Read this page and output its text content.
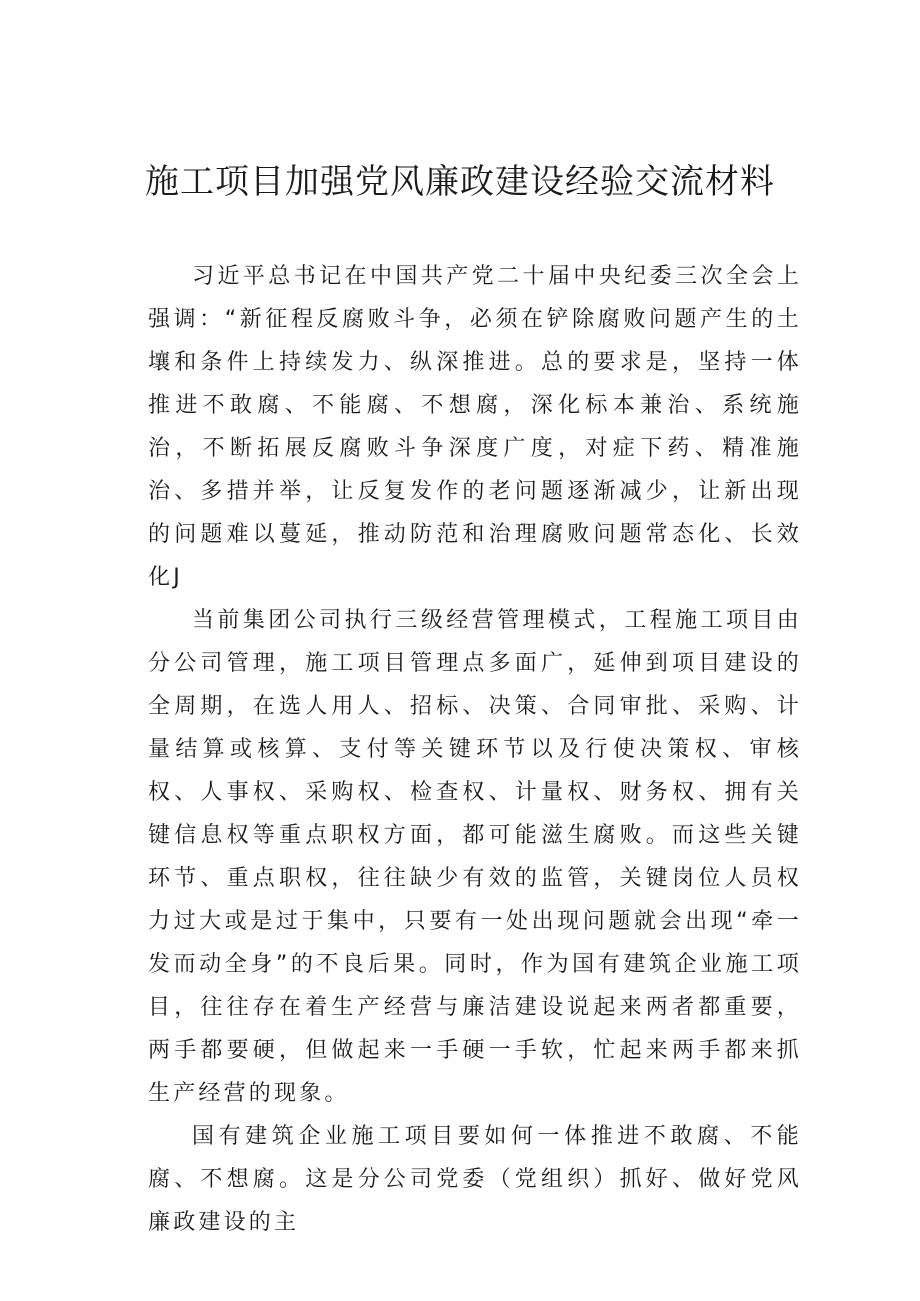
施工项目加强党风廉政建设经验交流材料

习近平总书记在中国共产党二十届中央纪委三次全会上强调：“新征程反腐败斗争，必须在铲除腐败问题产生的土壤和条件上持续发力、纵深推进。总的要求是，坚持一体推进不敢腐、不能腐、不想腐，深化标本兼治、系统施治，不断拓展反腐败斗争深度广度，对症下药、精准施治、多措并举，让反复发作的老问题逐渐减少，让新出现的问题难以蔓延，推动防范和治理腐败问题常态化、长效化J

当前集团公司执行三级经营管理模式，工程施工项目由分公司管理，施工项目管理点多面广，延伸到项目建设的全周期，在选人用人、招标、决策、合同审批、采购、计量结算或核算、支付等关键环节以及行使决策权、审核权、人事权、采购权、检查权、计量权、财务权、拥有关键信息权等重点职权方面，都可能滋生腐败。而这些关键环节、重点职权，往往缺少有效的监管，关键岗位人员权力过大或是过于集中，只要有一处出现问题就会出现“牵一发而动全身”的不良后果。同时，作为国有建筑企业施工项目，往往存在着生产经营与廉洁建设说起来两者都重要，两手都要硬，但做起来一手硬一手软，忙起来两手都来抓生产经营的现象。

国有建筑企业施工项目要如何一体推进不敢腐、不能腐、不想腐。这是分公司党委（党组织）抓好、做好党风廉政建设的主
